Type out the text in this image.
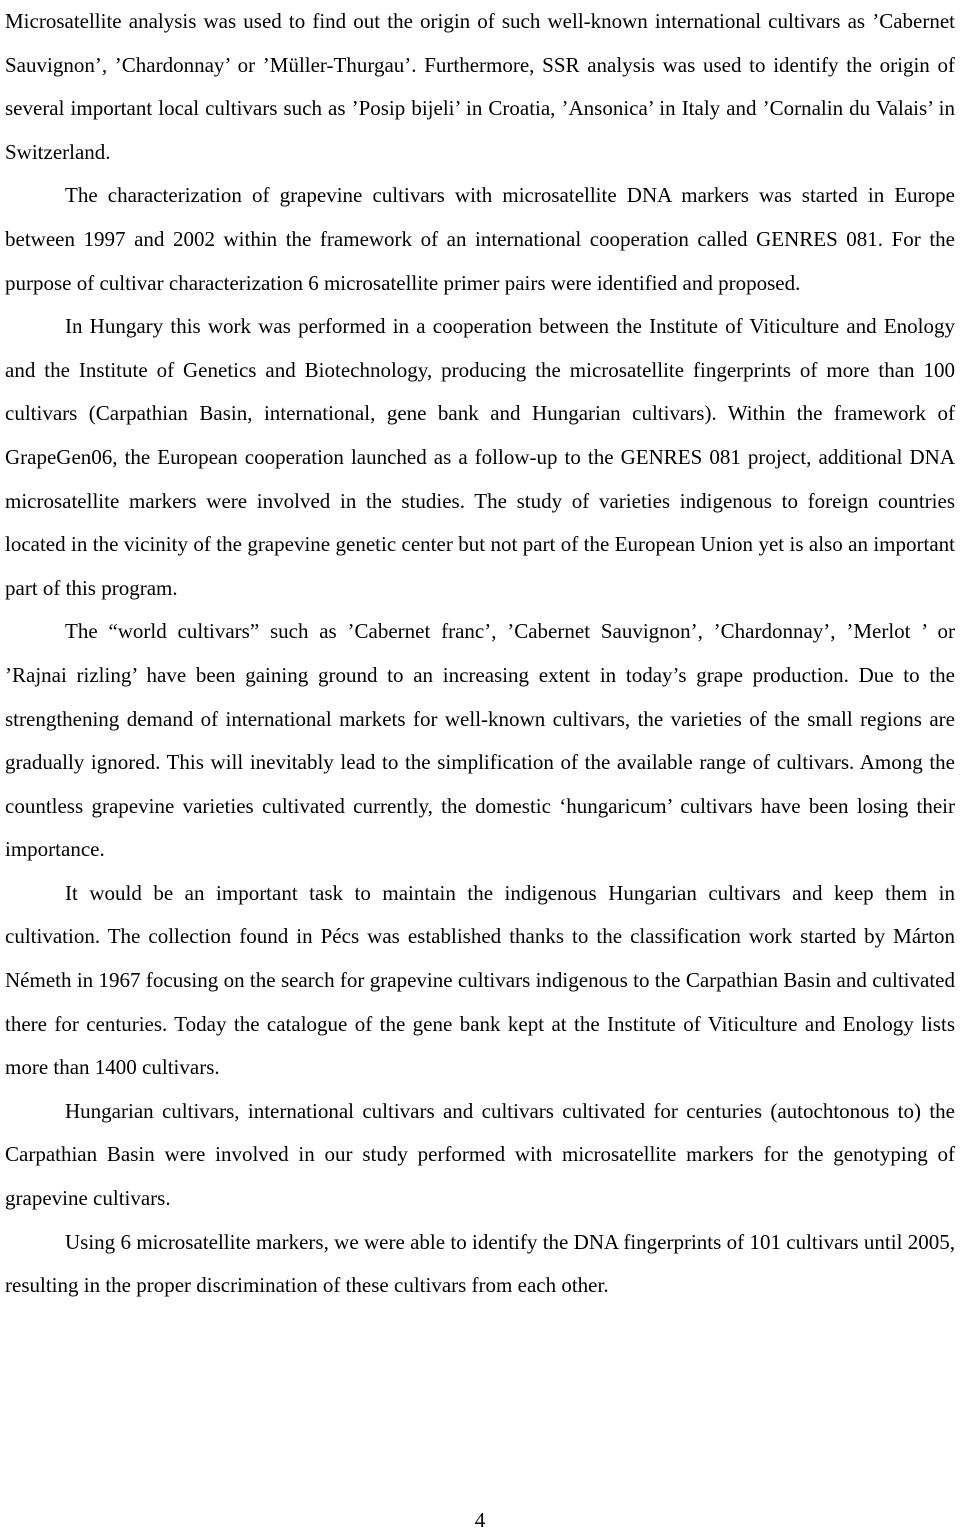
Microsatellite analysis was used to find out the origin of such well-known international cultivars as ’Cabernet Sauvignon’, ’Chardonnay’ or ’Müller-Thurgau’. Furthermore, SSR analysis was used to identify the origin of several important local cultivars such as ’Posip bijeli’ in Croatia, ’Ansonica’ in Italy and ’Cornalin du Valais’ in Switzerland.

The characterization of grapevine cultivars with microsatellite DNA markers was started in Europe between 1997 and 2002 within the framework of an international cooperation called GENRES 081. For the purpose of cultivar characterization 6 microsatellite primer pairs were identified and proposed.

In Hungary this work was performed in a cooperation between the Institute of Viticulture and Enology and the Institute of Genetics and Biotechnology, producing the microsatellite fingerprints of more than 100 cultivars (Carpathian Basin, international, gene bank and Hungarian cultivars). Within the framework of GrapeGen06, the European cooperation launched as a follow-up to the GENRES 081 project, additional DNA microsatellite markers were involved in the studies. The study of varieties indigenous to foreign countries located in the vicinity of the grapevine genetic center but not part of the European Union yet is also an important part of this program.

The “world cultivars” such as ’Cabernet franc’, ’Cabernet Sauvignon’, ’Chardonnay’, ’Merlot ’ or ’Rajnai rizling’ have been gaining ground to an increasing extent in today’s grape production. Due to the strengthening demand of international markets for well-known cultivars, the varieties of the small regions are gradually ignored. This will inevitably lead to the simplification of the available range of cultivars. Among the countless grapevine varieties cultivated currently, the domestic ‘hungaricum’ cultivars have been losing their importance.

It would be an important task to maintain the indigenous Hungarian cultivars and keep them in cultivation. The collection found in Pécs was established thanks to the classification work started by Márton Németh in 1967 focusing on the search for grapevine cultivars indigenous to the Carpathian Basin and cultivated there for centuries. Today the catalogue of the gene bank kept at the Institute of Viticulture and Enology lists more than 1400 cultivars.

Hungarian cultivars, international cultivars and cultivars cultivated for centuries (autochtonous to) the Carpathian Basin were involved in our study performed with microsatellite markers for the genotyping of grapevine cultivars.

Using 6 microsatellite markers, we were able to identify the DNA fingerprints of 101 cultivars until 2005, resulting in the proper discrimination of these cultivars from each other.

4
